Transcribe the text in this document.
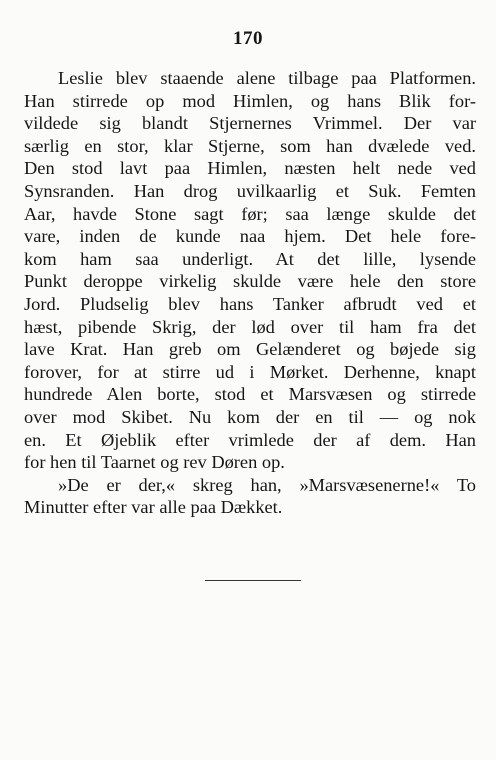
170
Leslie blev staaende alene tilbage paa Platformen.
Han stirrede op mod Himlen, og hans Blik for-
vildede sig blandt Stjernernes Vrimmel. Der var
særlig en stor, klar Stjerne, som han dvælede ved.
Den stod lavt paa Himlen, næsten helt nede ved
Synsranden. Han drog uvilkaarlig et Suk. Femten
Aar, havde Stone sagt før; saa længe skulde det
vare, inden de kunde naa hjem. Det hele fore-
kom ham saa underligt. At det lille, lysende
Punkt deroppe virkelig skulde være hele den store
Jord. Pludselig blev hans Tanker afbrudt ved et
hæst, pibende Skrig, der lød over til ham fra det
lave Krat. Han greb om Gelænderet og bøjede sig
forover, for at stirre ud i Mørket. Derhenne, knapt
hundrede Alen borte, stod et Marsvæsen og stirrede
over mod Skibet. Nu kom der en til — og nok
en. Et Øjeblik efter vrimlede der af dem. Han
for hen til Taarnet og rev Døren op.
»De er der,« skreg han, »Marsvæsenerne!« To
Minutter efter var alle paa Dækket.
